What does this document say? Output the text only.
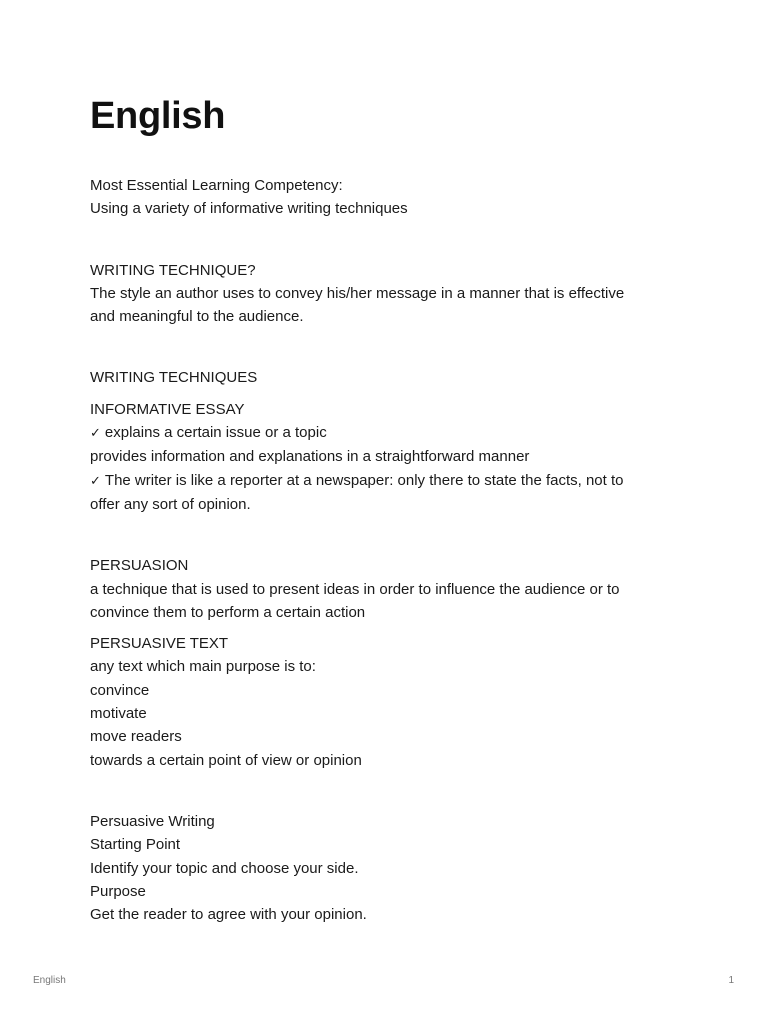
English

Most Essential Learning Competency:

Using a variety of informative writing techniques

WRITING TECHNIQUE?

The style an author uses to convey his/her message in a manner that is effective

and meaningful to the audience.

WRITING TECHNIQUES

INFORMATIVE ESSAY

✓ explains a certain issue or a topic

provides information and explanations in a straightforward manner

✓ The writer is like a reporter at a newspaper: only there to state the facts, not to

offer any sort of opinion.

PERSUASION

a technique that is used to present ideas in order to influence the audience or to

convince them to perform a certain action

PERSUASIVE TEXT

any text which main purpose is to:

convince

motivate

move readers

towards a certain point of view or opinion

Persuasive Writing

Starting Point

Identify your topic and choose your side.

Purpose

Get the reader to agree with your opinion.

English	1
